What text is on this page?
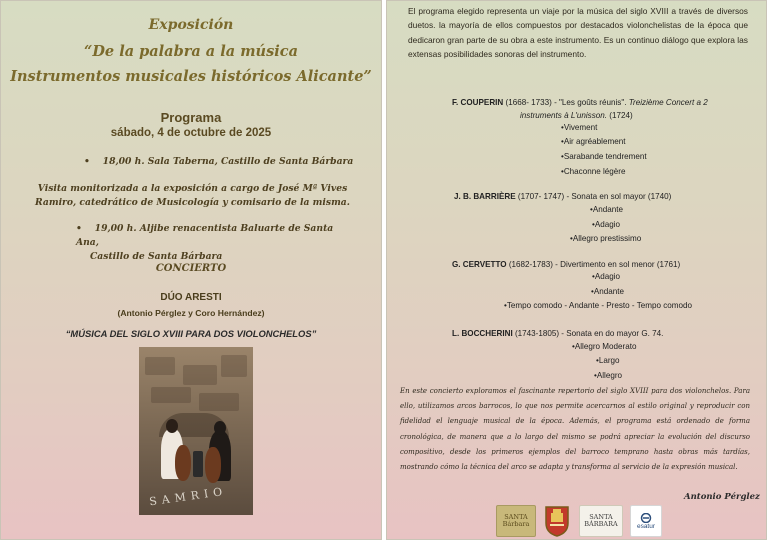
Exposición
“De la palabra a la música
Instrumentos musicales históricos Alicante”
Programa
sábado, 4 de octubre de 2025
• 18,00 h. Sala Taberna, Castillo de Santa Bárbara
Visita monitorizada a la exposición a cargo de José Mª Vives Ramiro, catedrático de Musicología y comisario de la misma.
• 19,00 h. Aljibe renacentista Baluarte de Santa Ana,
Castillo de Santa Bárbara
CONCIERTO
DÚO ARESTI
(Antonio Pérglez y Coro Hernández)
“MÚSICA DEL SIGLO XVIII PARA DOS VIOLONCHELOS”
SAMRIO
El programa elegido representa un viaje por la música del siglo XVIII a través de diversos duetos. la mayoría de ellos compuestos por destacados violonchelistas de la época que dedicaron gran parte de su obra a este instrumento. Es un continuo diálogo que explora las extensas posibilidades sonoras del instrumento.
F. COUPERIN (1668- 1733) - "Les goûts réunis". Treizième Concert a 2
instruments à L'unisson. (1724)
•Vivement
•Air agréablement
•Sarabande tendrement
•Chaconne légère
J. B. BARRIÈRE (1707- 1747) - Sonata en sol mayor (1740)
•Andante
•Adagio
•Allegro prestissimo
G. CERVETTO (1682-1783) - Divertimento en sol menor (1761)
•Adagio
•Andante
•Tempo comodo - Andante - Presto - Tempo comodo
L. BOCCHERINI (1743-1805) - Sonata en do mayor G. 74.
•Allegro Moderato
•Largo
•Allegro
En este concierto exploramos el fascinante repertorio del siglo XVIII para dos violonchelos. Para ello, utilizamos arcos barrocos, lo que nos permite acercarnos al estilo original y reproducir con fidelidad el lenguaje musical de la época. Además, el programa está ordenado de forma cronológica, de manera que a lo largo del mismo se podrá apreciar la evolución del discurso compositivo, desde los primeros ejemplos del barroco temprano hasta obras más tardías, mostrando cómo la técnica del arco se adapta y transforma al servicio de la expresión musical.
Antonio Pérglez
SANTA
Bárbara
SANTA
BÁRBARA	esatur
